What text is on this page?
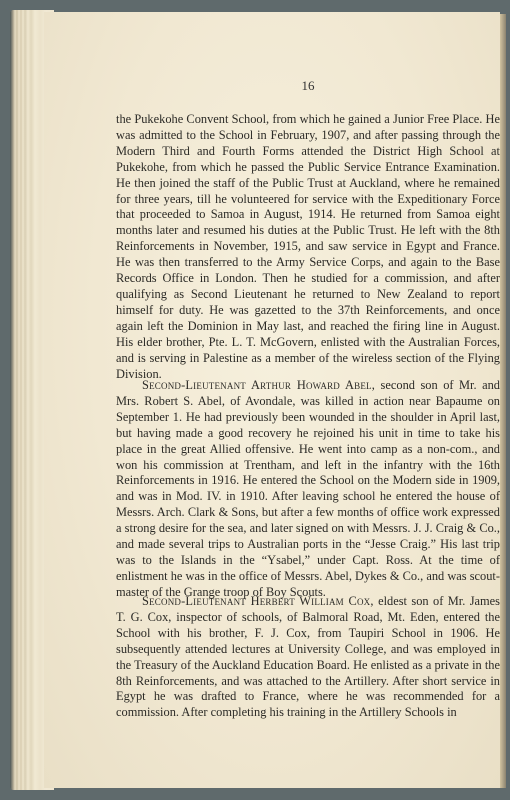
16

the Pukekohe Convent School, from which he gained a Junior Free Place. He was admitted to the School in February, 1907, and after passing through the Modern Third and Fourth Forms attended the District High School at Pukekohe, from which he passed the Public Service Entrance Examination. He then joined the staff of the Public Trust at Auckland, where he remained for three years, till he volunteered for service with the Expeditionary Force that proceeded to Samoa in August, 1914. He returned from Samoa eight months later and resumed his duties at the Public Trust. He left with the 8th Reinforcements in November, 1915, and saw service in Egypt and France. He was then transferred to the Army Service Corps, and again to the Base Records Office in London. Then he studied for a commission, and after qualifying as Second Lieutenant he returned to New Zealand to report himself for duty. He was gazetted to the 37th Reinforcements, and once again left the Dominion in May last, and reached the firing line in August. His elder brother, Pte. L. T. McGovern, enlisted with the Australian Forces, and is serving in Palestine as a member of the wireless section of the Flying Division.

Second-Lieutenant Arthur Howard Abel, second son of Mr. and Mrs. Robert S. Abel, of Avondale, was killed in action near Bapaume on September 1. He had previously been wounded in the shoulder in April last, but having made a good recovery he rejoined his unit in time to take his place in the great Allied offensive. He went into camp as a non-com., and won his commission at Trentham, and left in the infantry with the 16th Reinforcements in 1916. He entered the School on the Modern side in 1909, and was in Mod. IV. in 1910. After leaving school he entered the house of Messrs. Arch. Clark & Sons, but after a few months of office work expressed a strong desire for the sea, and later signed on with Messrs. J. J. Craig & Co., and made several trips to Australian ports in the “Jesse Craig.” His last trip was to the Islands in the “Ysabel,” under Capt. Ross. At the time of enlistment he was in the office of Messrs. Abel, Dykes & Co., and was scout-master of the Grange troop of Boy Scouts.

Second-Lieutenant Herbert William Cox, eldest son of Mr. James T. G. Cox, inspector of schools, of Balmoral Road, Mt. Eden, entered the School with his brother, F. J. Cox, from Taupiri School in 1906. He subsequently attended lectures at University College, and was employed in the Treasury of the Auckland Education Board. He enlisted as a private in the 8th Reinforcements, and was attached to the Artillery. After short service in Egypt he was drafted to France, where he was recommended for a commission. After completing his training in the Artillery Schools in
